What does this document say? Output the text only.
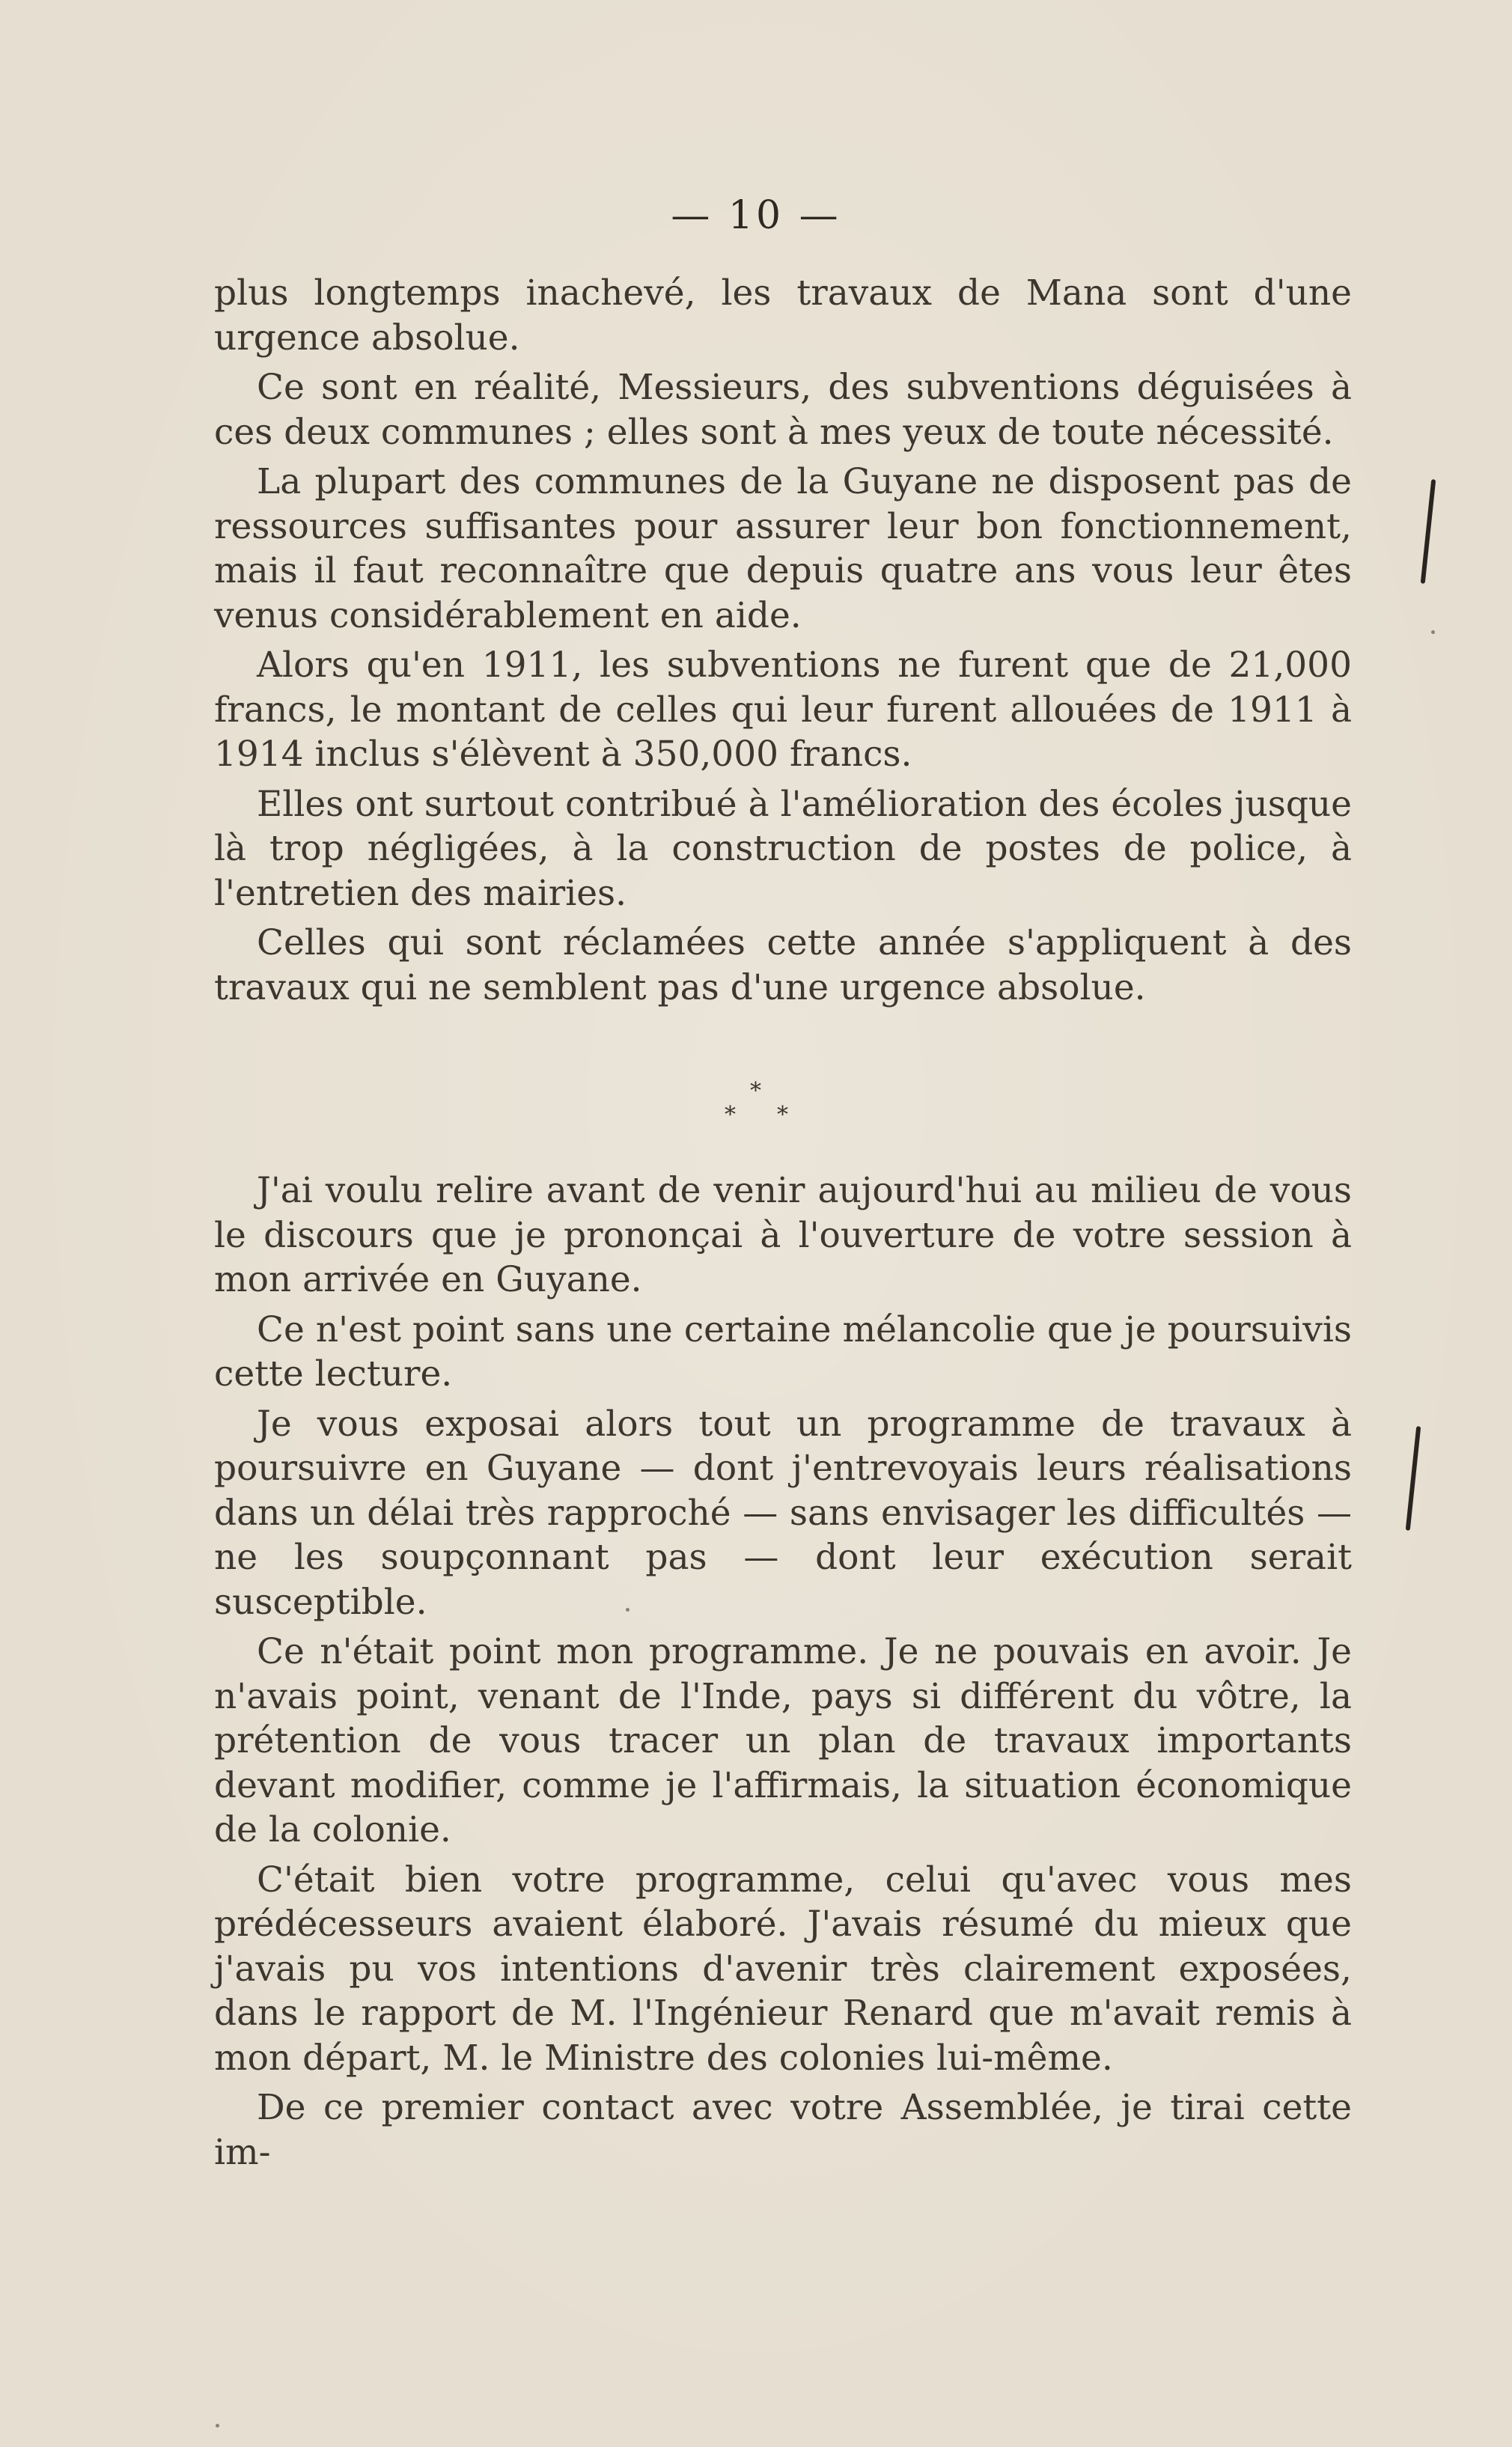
— 10 —

plus longtemps inachevé, les travaux de Mana sont d'une urgence absolue.

Ce sont en réalité, Messieurs, des subventions déguisées à ces deux communes ; elles sont à mes yeux de toute nécessité.

La plupart des communes de la Guyane ne disposent pas de ressources suffisantes pour assurer leur bon fonctionnement, mais il faut reconnaître que depuis quatre ans vous leur êtes venus considérablement en aide.

Alors qu'en 1911, les subventions ne furent que de 21,000 francs, le montant de celles qui leur furent allouées de 1911 à 1914 inclus s'élèvent à 350,000 francs.

Elles ont surtout contribué à l'amélioration des écoles jusque là trop négligées, à la construction de postes de police, à l'entretien des mairies.

Celles qui sont réclamées cette année s'appliquent à des travaux qui ne semblent pas d'une urgence absolue.

*
* *

J'ai voulu relire avant de venir aujourd'hui au milieu de vous le discours que je prononçai à l'ouverture de votre session à mon arrivée en Guyane.

Ce n'est point sans une certaine mélancolie que je poursuivis cette lecture.

Je vous exposai alors tout un programme de travaux à poursuivre en Guyane — dont j'entrevoyais leurs réalisations dans un délai très rapproché — sans envisager les difficultés — ne les soupçonnant pas — dont leur exécution serait susceptible.

Ce n'était point mon programme. Je ne pouvais en avoir. Je n'avais point, venant de l'Inde, pays si différent du vôtre, la prétention de vous tracer un plan de travaux importants devant modifier, comme je l'affirmais, la situation économique de la colonie.

C'était bien votre programme, celui qu'avec vous mes prédécesseurs avaient élaboré. J'avais résumé du mieux que j'avais pu vos intentions d'avenir très clairement exposées, dans le rapport de M. l'Ingénieur Renard que m'avait remis à mon départ, M. le Ministre des colonies lui-même.

De ce premier contact avec votre Assemblée, je tirai cette im-
